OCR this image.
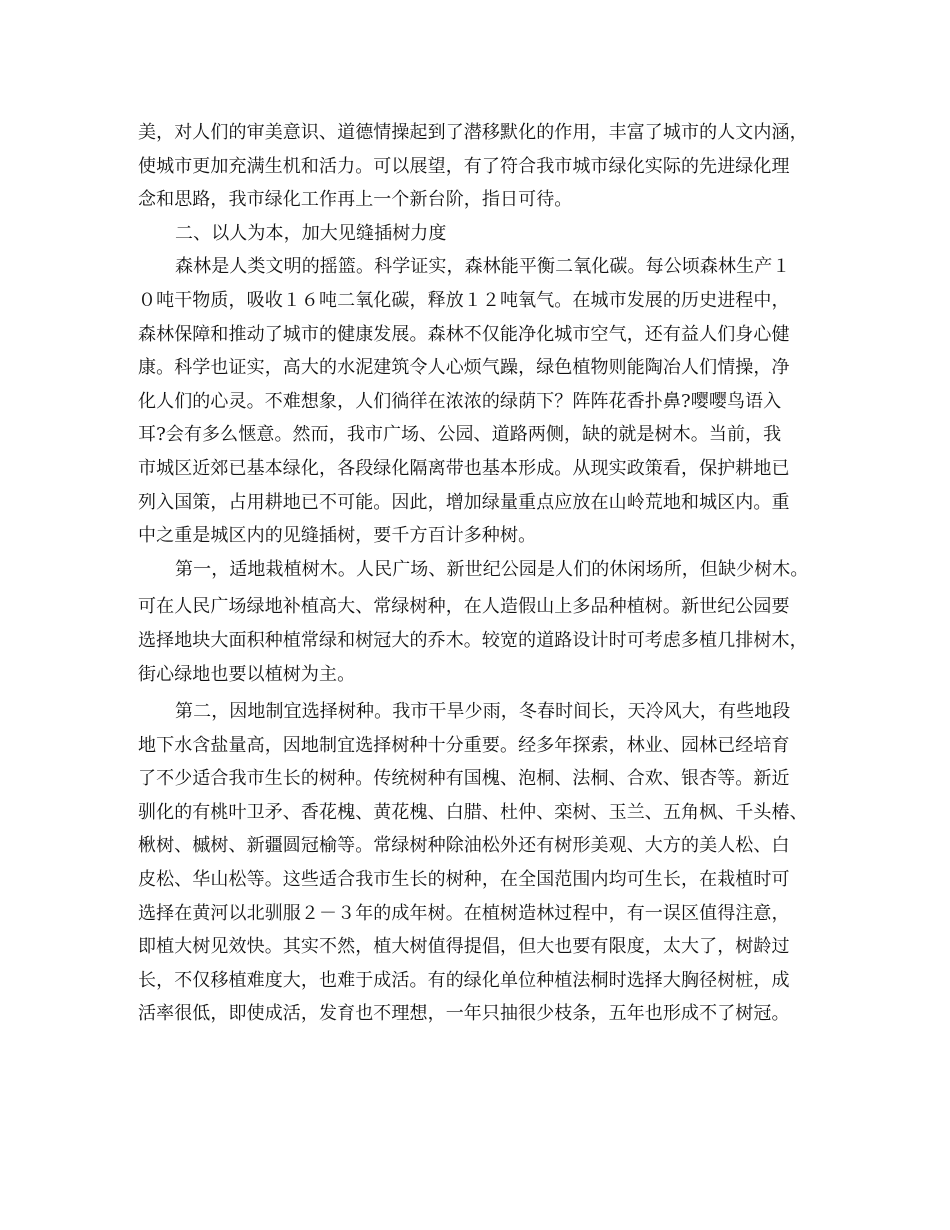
美，对人们的审美意识、道德情操起到了潜移默化的作用，丰富了城市的人文内涵，
使城市更加充满生机和活力。可以展望，有了符合我市城市绿化实际的先进绿化理
念和思路，我市绿化工作再上一个新台阶，指日可待。
二、以人为本，加大见缝插树力度
森林是人类文明的摇篮。科学证实，森林能平衡二氧化碳。每公顷森林生产１
０吨干物质，吸收１６吨二氧化碳，释放１２吨氧气。在城市发展的历史进程中，
森林保障和推动了城市的健康发展。森林不仅能净化城市空气，还有益人们身心健
康。科学也证实，高大的水泥建筑令人心烦气躁，绿色植物则能陶冶人们情操，净
化人们的心灵。不难想象，人们徜徉在浓浓的绿荫下？阵阵花香扑鼻?嘤嘤鸟语入
耳?会有多么惬意。然而，我市广场、公园、道路两侧，缺的就是树木。当前，我
市城区近郊已基本绿化，各段绿化隔离带也基本形成。从现实政策看，保护耕地已
列入国策，占用耕地已不可能。因此，增加绿量重点应放在山岭荒地和城区内。重
中之重是城区内的见缝插树，要千方百计多种树。
第一，适地栽植树木。人民广场、新世纪公园是人们的休闲场所，但缺少树木。
可在人民广场绿地补植高大、常绿树种，在人造假山上多品种植树。新世纪公园要
选择地块大面积种植常绿和树冠大的乔木。较宽的道路设计时可考虑多植几排树木，
街心绿地也要以植树为主。
第二，因地制宜选择树种。我市干旱少雨，冬春时间长，天冷风大，有些地段
地下水含盐量高，因地制宜选择树种十分重要。经多年探索，林业、园林已经培育
了不少适合我市生长的树种。传统树种有国槐、泡桐、法桐、合欢、银杏等。新近
驯化的有桃叶卫矛、香花槐、黄花槐、白腊、杜仲、栾树、玉兰、五角枫、千头椿、
楸树、槭树、新疆圆冠榆等。常绿树种除油松外还有树形美观、大方的美人松、白
皮松、华山松等。这些适合我市生长的树种，在全国范围内均可生长，在栽植时可
选择在黄河以北驯服２－３年的成年树。在植树造林过程中，有一误区值得注意，
即植大树见效快。其实不然，植大树值得提倡，但大也要有限度，太大了，树龄过
长，不仅移植难度大，也难于成活。有的绿化单位种植法桐时选择大胸径树桩，成
活率很低，即使成活，发育也不理想，一年只抽很少枝条，五年也形成不了树冠。
